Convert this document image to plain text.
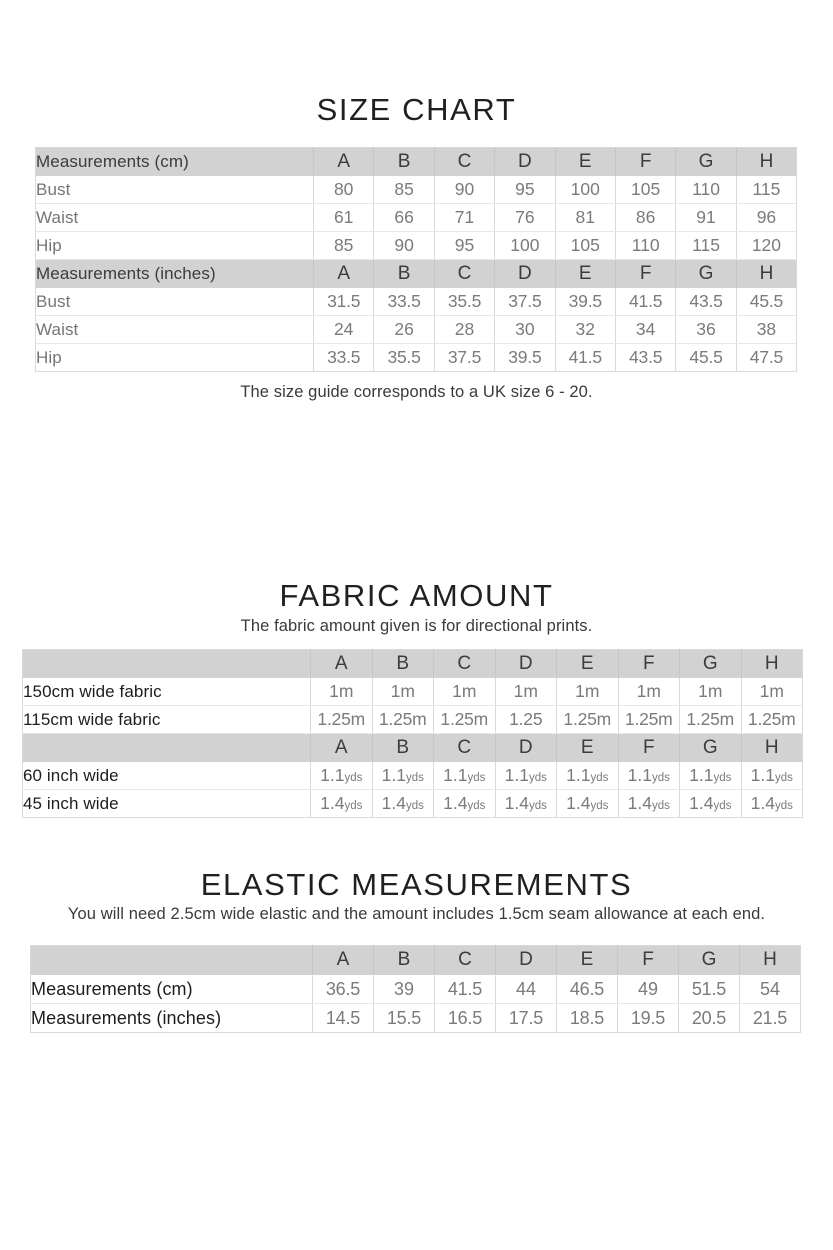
SIZE CHART
Measurements (cm)	A	B	C	D	E	F	G	H
Bust	80	85	90	95	100	105	110	115
Waist	61	66	71	76	81	86	91	96
Hip	85	90	95	100	105	110	115	120
Measurements (inches)	A	B	C	D	E	F	G	H
Bust	31.5	33.5	35.5	37.5	39.5	41.5	43.5	45.5
Waist	24	26	28	30	32	34	36	38
Hip	33.5	35.5	37.5	39.5	41.5	43.5	45.5	47.5
The size guide corresponds to a UK size 6 - 20.
FABRIC AMOUNT
The fabric amount given is for directional prints.
	A	B	C	D	E	F	G	H
150cm wide fabric	1m	1m	1m	1m	1m	1m	1m	1m
115cm wide fabric	1.25m	1.25m	1.25m	1.25	1.25m	1.25m	1.25m	1.25m
	A	B	C	D	E	F	G	H
60 inch wide	1.1yds	1.1yds	1.1yds	1.1yds	1.1yds	1.1yds	1.1yds	1.1yds
45 inch wide	1.4yds	1.4yds	1.4yds	1.4yds	1.4yds	1.4yds	1.4yds	1.4yds
ELASTIC MEASUREMENTS
You will need 2.5cm wide elastic and the amount includes 1.5cm seam allowance at each end.
	A	B	C	D	E	F	G	H
Measurements (cm)	36.5	39	41.5	44	46.5	49	51.5	54
Measurements (inches)	14.5	15.5	16.5	17.5	18.5	19.5	20.5	21.5
